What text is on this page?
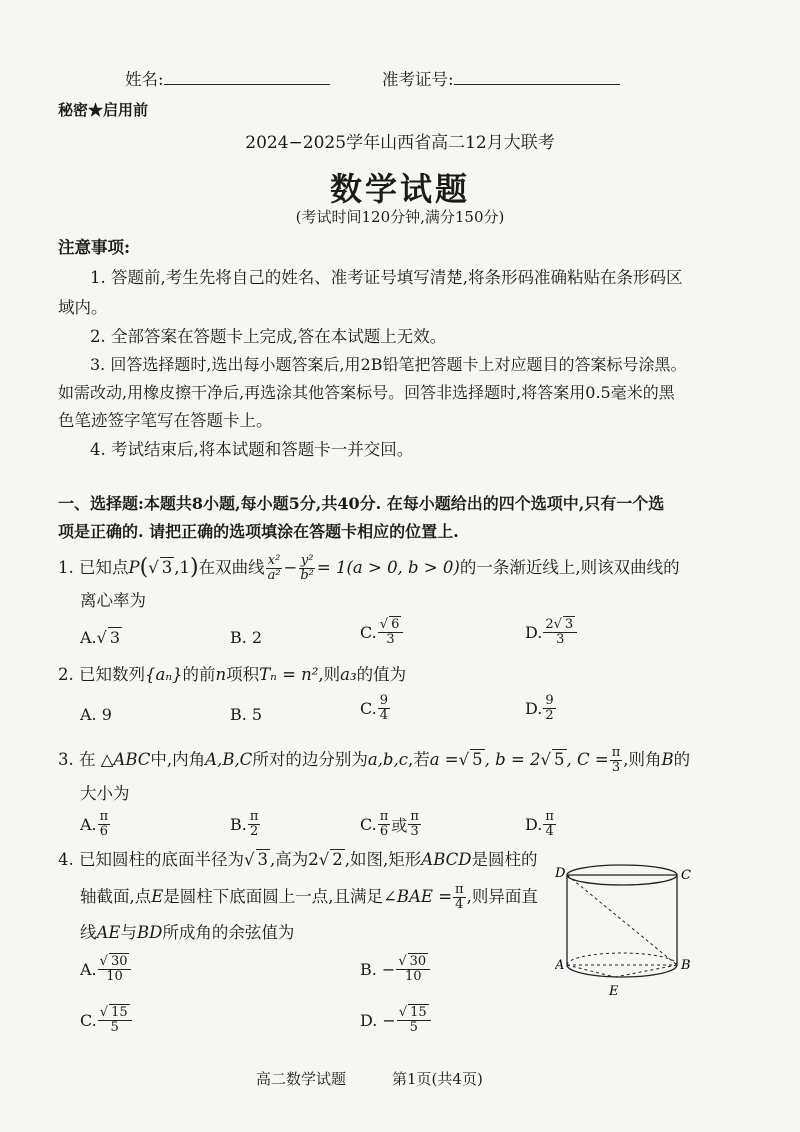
姓名:	准考证号:
秘密★启用前
2024−2025学年山西省高二12月大联考
数学试题
(考试时间120分钟,满分150分)
注意事项:
1. 答题前,考生先将自己的姓名、准考证号填写清楚,将条形码准确粘贴在条形码区
域内。
2. 全部答案在答题卡上完成,答在本试题上无效。
3. 回答选择题时,选出每小题答案后,用2B铅笔把答题卡上对应题目的答案标号涂黑。
如需改动,用橡皮擦干净后,再选涂其他答案标号。回答非选择题时,将答案用0.5毫米的黑
色笔迹签字笔写在答题卡上。
4. 考试结束后,将本试题和答题卡一并交回。
一、选择题:本题共8小题,每小题5分,共40分. 在每小题给出的四个选项中,只有一个选
项是正确的. 请把正确的选项填涂在答题卡相应的位置上.
1. 已知点 P ( √ 3 , 1 ) 在双曲线 $\frac{\text{x²}}{\text{a²}} - \frac{\text{y²}}{\text{b²}} = 1(a > 0$, b > 0) 的一条渐近线上,则该双曲线的
离心率为
A.√ 3	B. 2	C. $\frac{√ 6}{3}$	D. $\frac{2√ 3}{3}$
2. 已知数列{aₙ}的前n项积Tₙ = n²,则a₃的值为
A. 9	B. 5	C. $\frac{9}{4}$	D. $\frac{9}{2}$
3. 在 △ ABC 中,内角 A,B,C 所对的边分别为 a,b,c ,若 a = √ 5 , b = 2 √ 5 , $C = \frac{\pi}{3}$ ,则角 B 的
大小为
A. $\frac{\pi}{6}$	B. $\frac{\pi}{2}$	C. $\frac{\pi}{6}$ 或 $\frac{\pi}{3}$	D. $\frac{\pi}{4}$
4. 已知圆柱的底面半径为√ 3 ,高为2√ 2 ,如图,矩形ABCD是圆柱的
轴截面,点 E 是圆柱下底面圆上一点,且满足 ∠BAE = $\frac{\pi}{4}$ ,则异面直
线AE与BD所成角的余弦值为
A. $\frac{√ 30}{10}$	B. − $\frac{√ 30}{10}$
C. $\frac{√ 15}{5}$	D. − $\frac{√ 15}{5}$
D	C
A	B
E
高二数学试题	第1页(共4页)
